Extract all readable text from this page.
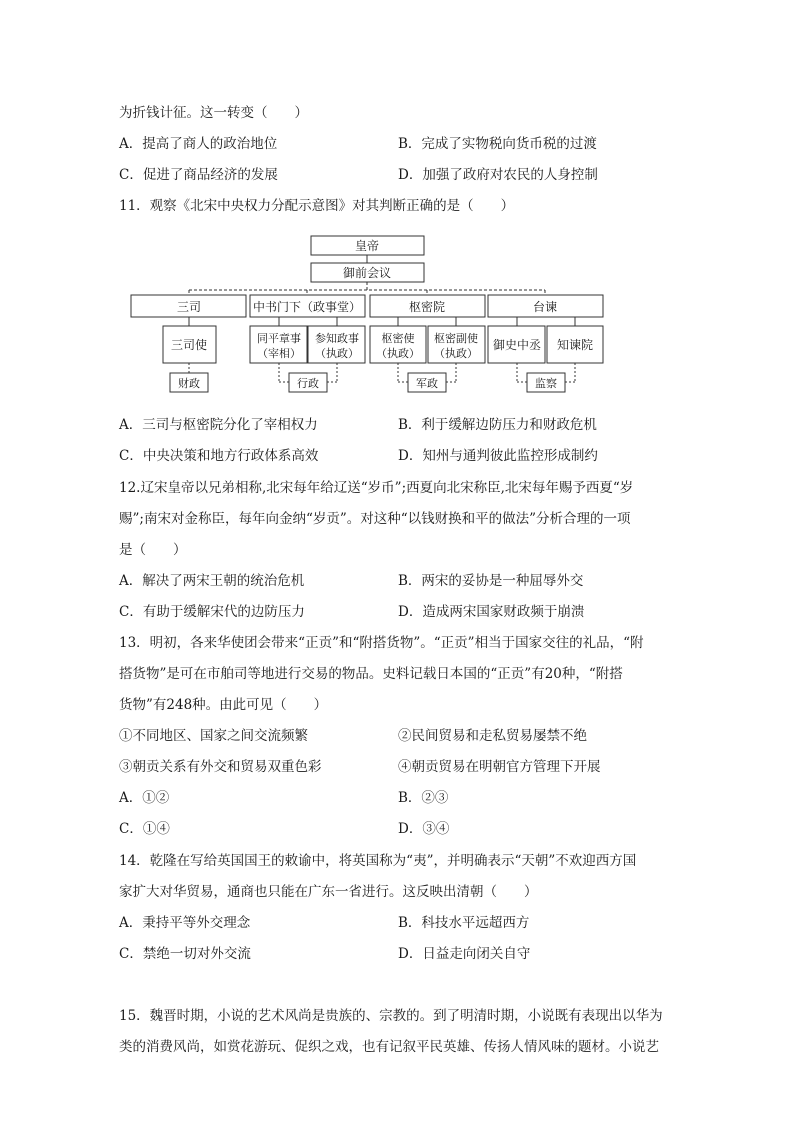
为折钱计征。这一转变（　　）
A．提高了商人的政治地位	B．完成了实物税向货币税的过渡
C．促进了商品经济的发展	D．加强了政府对农民的人身控制
11．观察《北宋中央权力分配示意图》对其判断正确的是（　　）
皇帝
御前会议
三司	中书门下（政事堂）	枢密院	台谏
三司使	同平章事
（宰相）
参知政事
（执政）
枢密使
（执政）
枢密副使
（执政）
御史中丞 知谏院
财政	行政	军政	监察
A．三司与枢密院分化了宰相权力	B．利于缓解边防压力和财政危机
C．中央决策和地方行政体系高效	D．知州与通判彼此监控形成制约
12.辽宋皇帝以兄弟相称,北宋每年给辽送“岁币”;西夏向北宋称臣,北宋每年赐予西夏“岁
赐”;南宋对金称臣，每年向金纳“岁贡”。对这种“以钱财换和平的做法”分析合理的一项
是（　　）
A．解决了两宋王朝的统治危机	B．两宋的妥协是一种屈辱外交
C．有助于缓解宋代的边防压力	D．造成两宋国家财政频于崩溃
13．明初，各来华使团会带来“正贡”和“附搭货物”。“正贡”相当于国家交往的礼品，“附
搭货物”是可在市舶司等地进行交易的物品。史料记载日本国的“正贡”有20种，“附搭
货物”有248种。由此可见（　　）
①不同地区、国家之间交流频繁	②民间贸易和走私贸易屡禁不绝
③朝贡关系有外交和贸易双重色彩	④朝贡贸易在明朝官方管理下开展
A．①②	B．②③
C．①④	D．③④
14．乾隆在写给英国国王的敕谕中，将英国称为“夷”，并明确表示“天朝”不欢迎西方国
家扩大对华贸易，通商也只能在广东一省进行。这反映出清朝（　　）
A．秉持平等外交理念	B．科技水平远超西方
C．禁绝一切对外交流	D．日益走向闭关自守
15．魏晋时期，小说的艺术风尚是贵族的、宗教的。到了明清时期，小说既有表现出以华为
类的消费风尚，如赏花游玩、促织之戏，也有记叙平民英雄、传扬人情风味的题材。小说艺
